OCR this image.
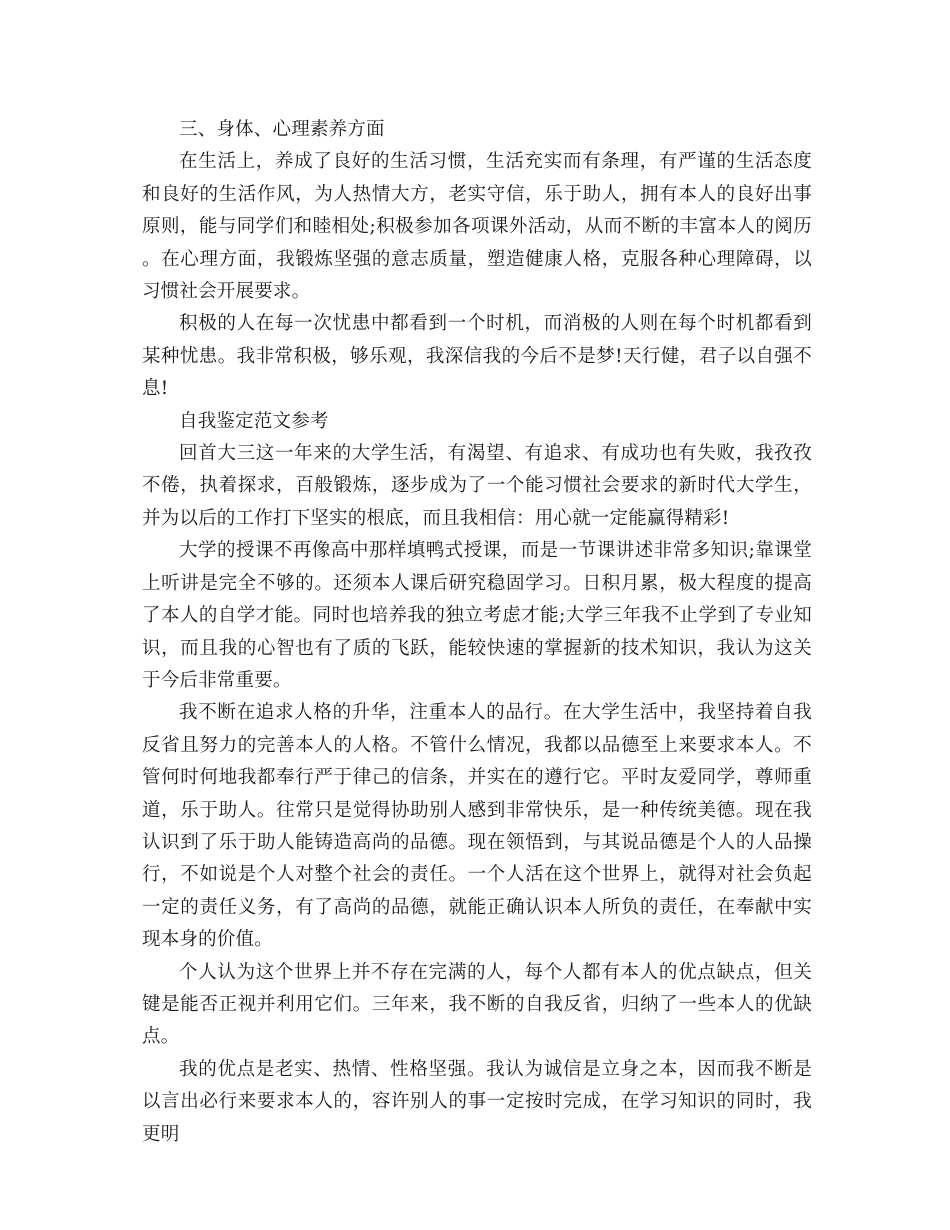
三、身体、心理素养方面

在生活上，养成了良好的生活习惯，生活充实而有条理，有严谨的生活态度和良好的生活作风，为人热情大方，老实守信，乐于助人，拥有本人的良好出事原则，能与同学们和睦相处;积极参加各项课外活动，从而不断的丰富本人的阅历。在心理方面，我锻炼坚强的意志质量，塑造健康人格，克服各种心理障碍，以习惯社会开展要求。

积极的人在每一次忧患中都看到一个时机，而消极的人则在每个时机都看到某种忧患。我非常积极，够乐观，我深信我的今后不是梦!天行健，君子以自强不息!

自我鉴定范文参考

回首大三这一年来的大学生活，有渴望、有追求、有成功也有失败，我孜孜不倦，执着探求，百般锻炼，逐步成为了一个能习惯社会要求的新时代大学生，并为以后的工作打下坚实的根底，而且我相信：用心就一定能赢得精彩!

大学的授课不再像高中那样填鸭式授课，而是一节课讲述非常多知识;靠课堂上听讲是完全不够的。还须本人课后研究稳固学习。日积月累，极大程度的提高了本人的自学才能。同时也培养我的独立考虑才能;大学三年我不止学到了专业知识，而且我的心智也有了质的飞跃，能较快速的掌握新的技术知识，我认为这关于今后非常重要。

我不断在追求人格的升华，注重本人的品行。在大学生活中，我坚持着自我反省且努力的完善本人的人格。不管什么情况，我都以品德至上来要求本人。不管何时何地我都奉行严于律己的信条，并实在的遵行它。平时友爱同学，尊师重道，乐于助人。往常只是觉得协助别人感到非常快乐，是一种传统美德。现在我认识到了乐于助人能铸造高尚的品德。现在领悟到，与其说品德是个人的人品操行，不如说是个人对整个社会的责任。一个人活在这个世界上，就得对社会负起一定的责任义务，有了高尚的品德，就能正确认识本人所负的责任，在奉献中实现本身的价值。

个人认为这个世界上并不存在完满的人，每个人都有本人的优点缺点，但关键是能否正视并利用它们。三年来，我不断的自我反省，归纳了一些本人的优缺点。

我的优点是老实、热情、性格坚强。我认为诚信是立身之本，因而我不断是以言出必行来要求本人的，容许别人的事一定按时完成，在学习知识的同时，我更明
